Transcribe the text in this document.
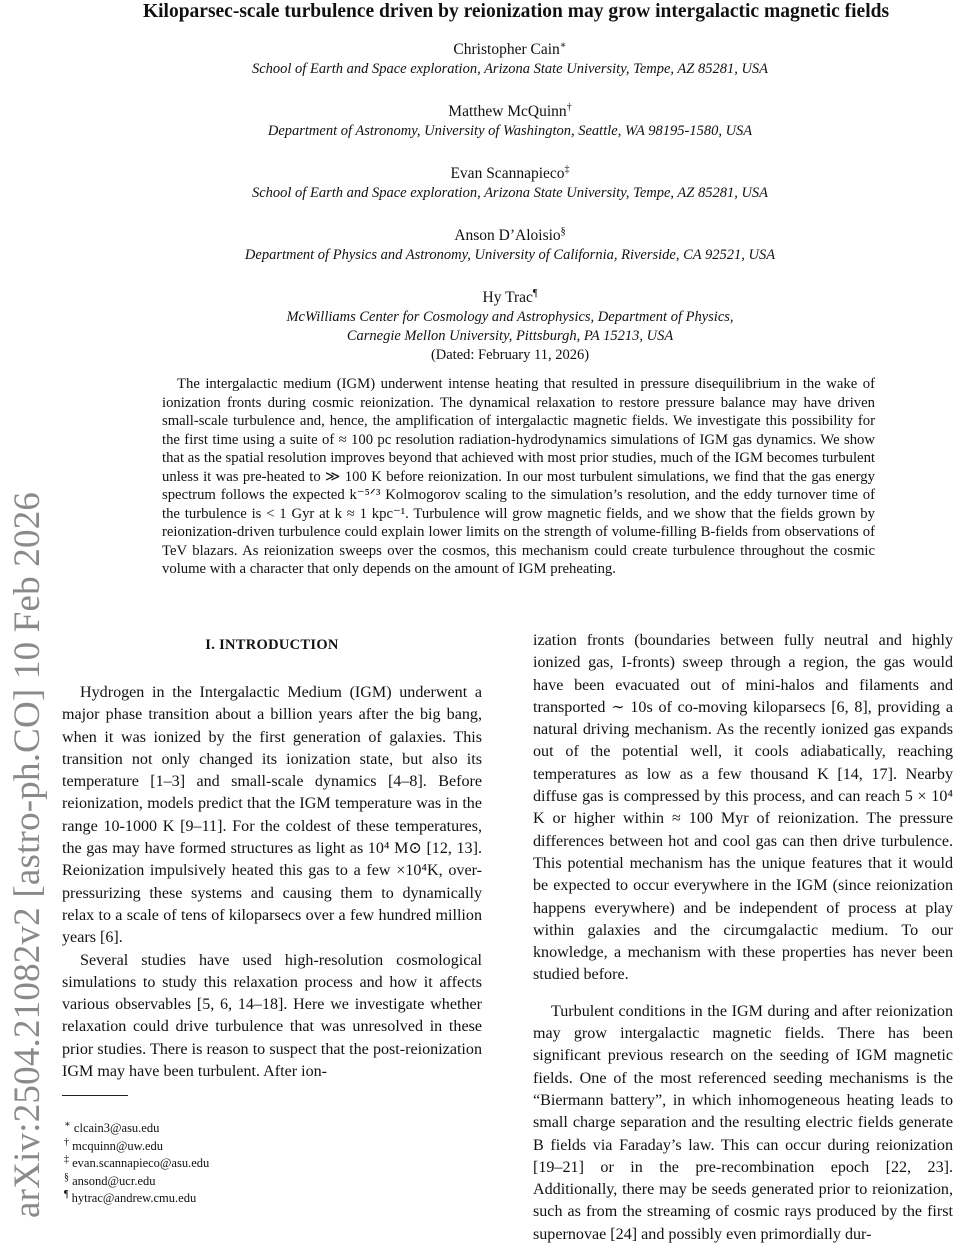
arXiv:2504.21082v2 [astro-ph.CO] 10 Feb 2026
Kiloparsec-scale turbulence driven by reionization may grow intergalactic magnetic fields
Christopher Cain∗
School of Earth and Space exploration, Arizona State University, Tempe, AZ 85281, USA
Matthew McQuinn†
Department of Astronomy, University of Washington, Seattle, WA 98195-1580, USA
Evan Scannapieco‡
School of Earth and Space exploration, Arizona State University, Tempe, AZ 85281, USA
Anson D’Aloisio§
Department of Physics and Astronomy, University of California, Riverside, CA 92521, USA
Hy Trac¶
McWilliams Center for Cosmology and Astrophysics, Department of Physics,
Carnegie Mellon University, Pittsburgh, PA 15213, USA
(Dated: February 11, 2026)

The intergalactic medium (IGM) underwent intense heating that resulted in pressure disequilibrium in the wake of ionization fronts during cosmic reionization. The dynamical relaxation to restore pressure balance may have driven small-scale turbulence and, hence, the amplification of intergalactic magnetic fields. We investigate this possibility for the first time using a suite of ≈ 100 pc resolution radiation-hydrodynamics simulations of IGM gas dynamics. We show that as the spatial resolution improves beyond that achieved with most prior studies, much of the IGM becomes turbulent unless it was pre-heated to ≫ 100 K before reionization. In our most turbulent simulations, we find that the gas energy spectrum follows the expected k⁻⁵ᐟ³ Kolmogorov scaling to the simulation’s resolution, and the eddy turnover time of the turbulence is < 1 Gyr at k ≈ 1 kpc⁻¹. Turbulence will grow magnetic fields, and we show that the fields grown by reionization-driven turbulence could explain lower limits on the strength of volume-filling B-fields from observations of TeV blazars. As reionization sweeps over the cosmos, this mechanism could create turbulence throughout the cosmic volume with a character that only depends on the amount of IGM preheating.

I. INTRODUCTION

Hydrogen in the Intergalactic Medium (IGM) underwent a major phase transition about a billion years after the big bang, when it was ionized by the first generation of galaxies. This transition not only changed its ionization state, but also its temperature [1–3] and small-scale dynamics [4–8]. Before reionization, models predict that the IGM temperature was in the range 10-1000 K [9–11]. For the coldest of these temperatures, the gas may have formed structures as light as 10⁴ M⊙ [12, 13]. Reionization impulsively heated this gas to a few ×10⁴K, over-pressurizing these systems and causing them to dynamically relax to a scale of tens of kiloparsecs over a few hundred million years [6].

Several studies have used high-resolution cosmological simulations to study this relaxation process and how it affects various observables [5, 6, 14–18]. Here we investigate whether relaxation could drive turbulence that was unresolved in these prior studies. There is reason to suspect that the post-reionization IGM may have been turbulent. After ion-

∗ clcain3@asu.edu
† mcquinn@uw.edu
‡ evan.scannapieco@asu.edu
§ ansond@ucr.edu
¶ hytrac@andrew.cmu.edu

ization fronts (boundaries between fully neutral and highly ionized gas, I-fronts) sweep through a region, the gas would have been evacuated out of mini-halos and filaments and transported ∼ 10s of co-moving kiloparsecs [6, 8], providing a natural driving mechanism. As the recently ionized gas expands out of the potential well, it cools adiabatically, reaching temperatures as low as a few thousand K [14, 17]. Nearby diffuse gas is compressed by this process, and can reach 5 × 10⁴ K or higher within ≈ 100 Myr of reionization. The pressure differences between hot and cool gas can then drive turbulence. This potential mechanism has the unique features that it would be expected to occur everywhere in the IGM (since reionization happens everywhere) and be independent of process at play within galaxies and the circumgalactic medium. To our knowledge, a mechanism with these properties has never been studied before.

Turbulent conditions in the IGM during and after reionization may grow intergalactic magnetic fields. There has been significant previous research on the seeding of IGM magnetic fields. One of the most referenced seeding mechanisms is the “Biermann battery”, in which inhomogeneous heating leads to small charge separation and the resulting electric fields generate B fields via Faraday’s law. This can occur during reionization [19–21] or in the pre-recombination epoch [22, 23]. Additionally, there may be seeds generated prior to reionization, such as from the streaming of cosmic rays produced by the first supernovae [24] and possibly even primordially dur-
